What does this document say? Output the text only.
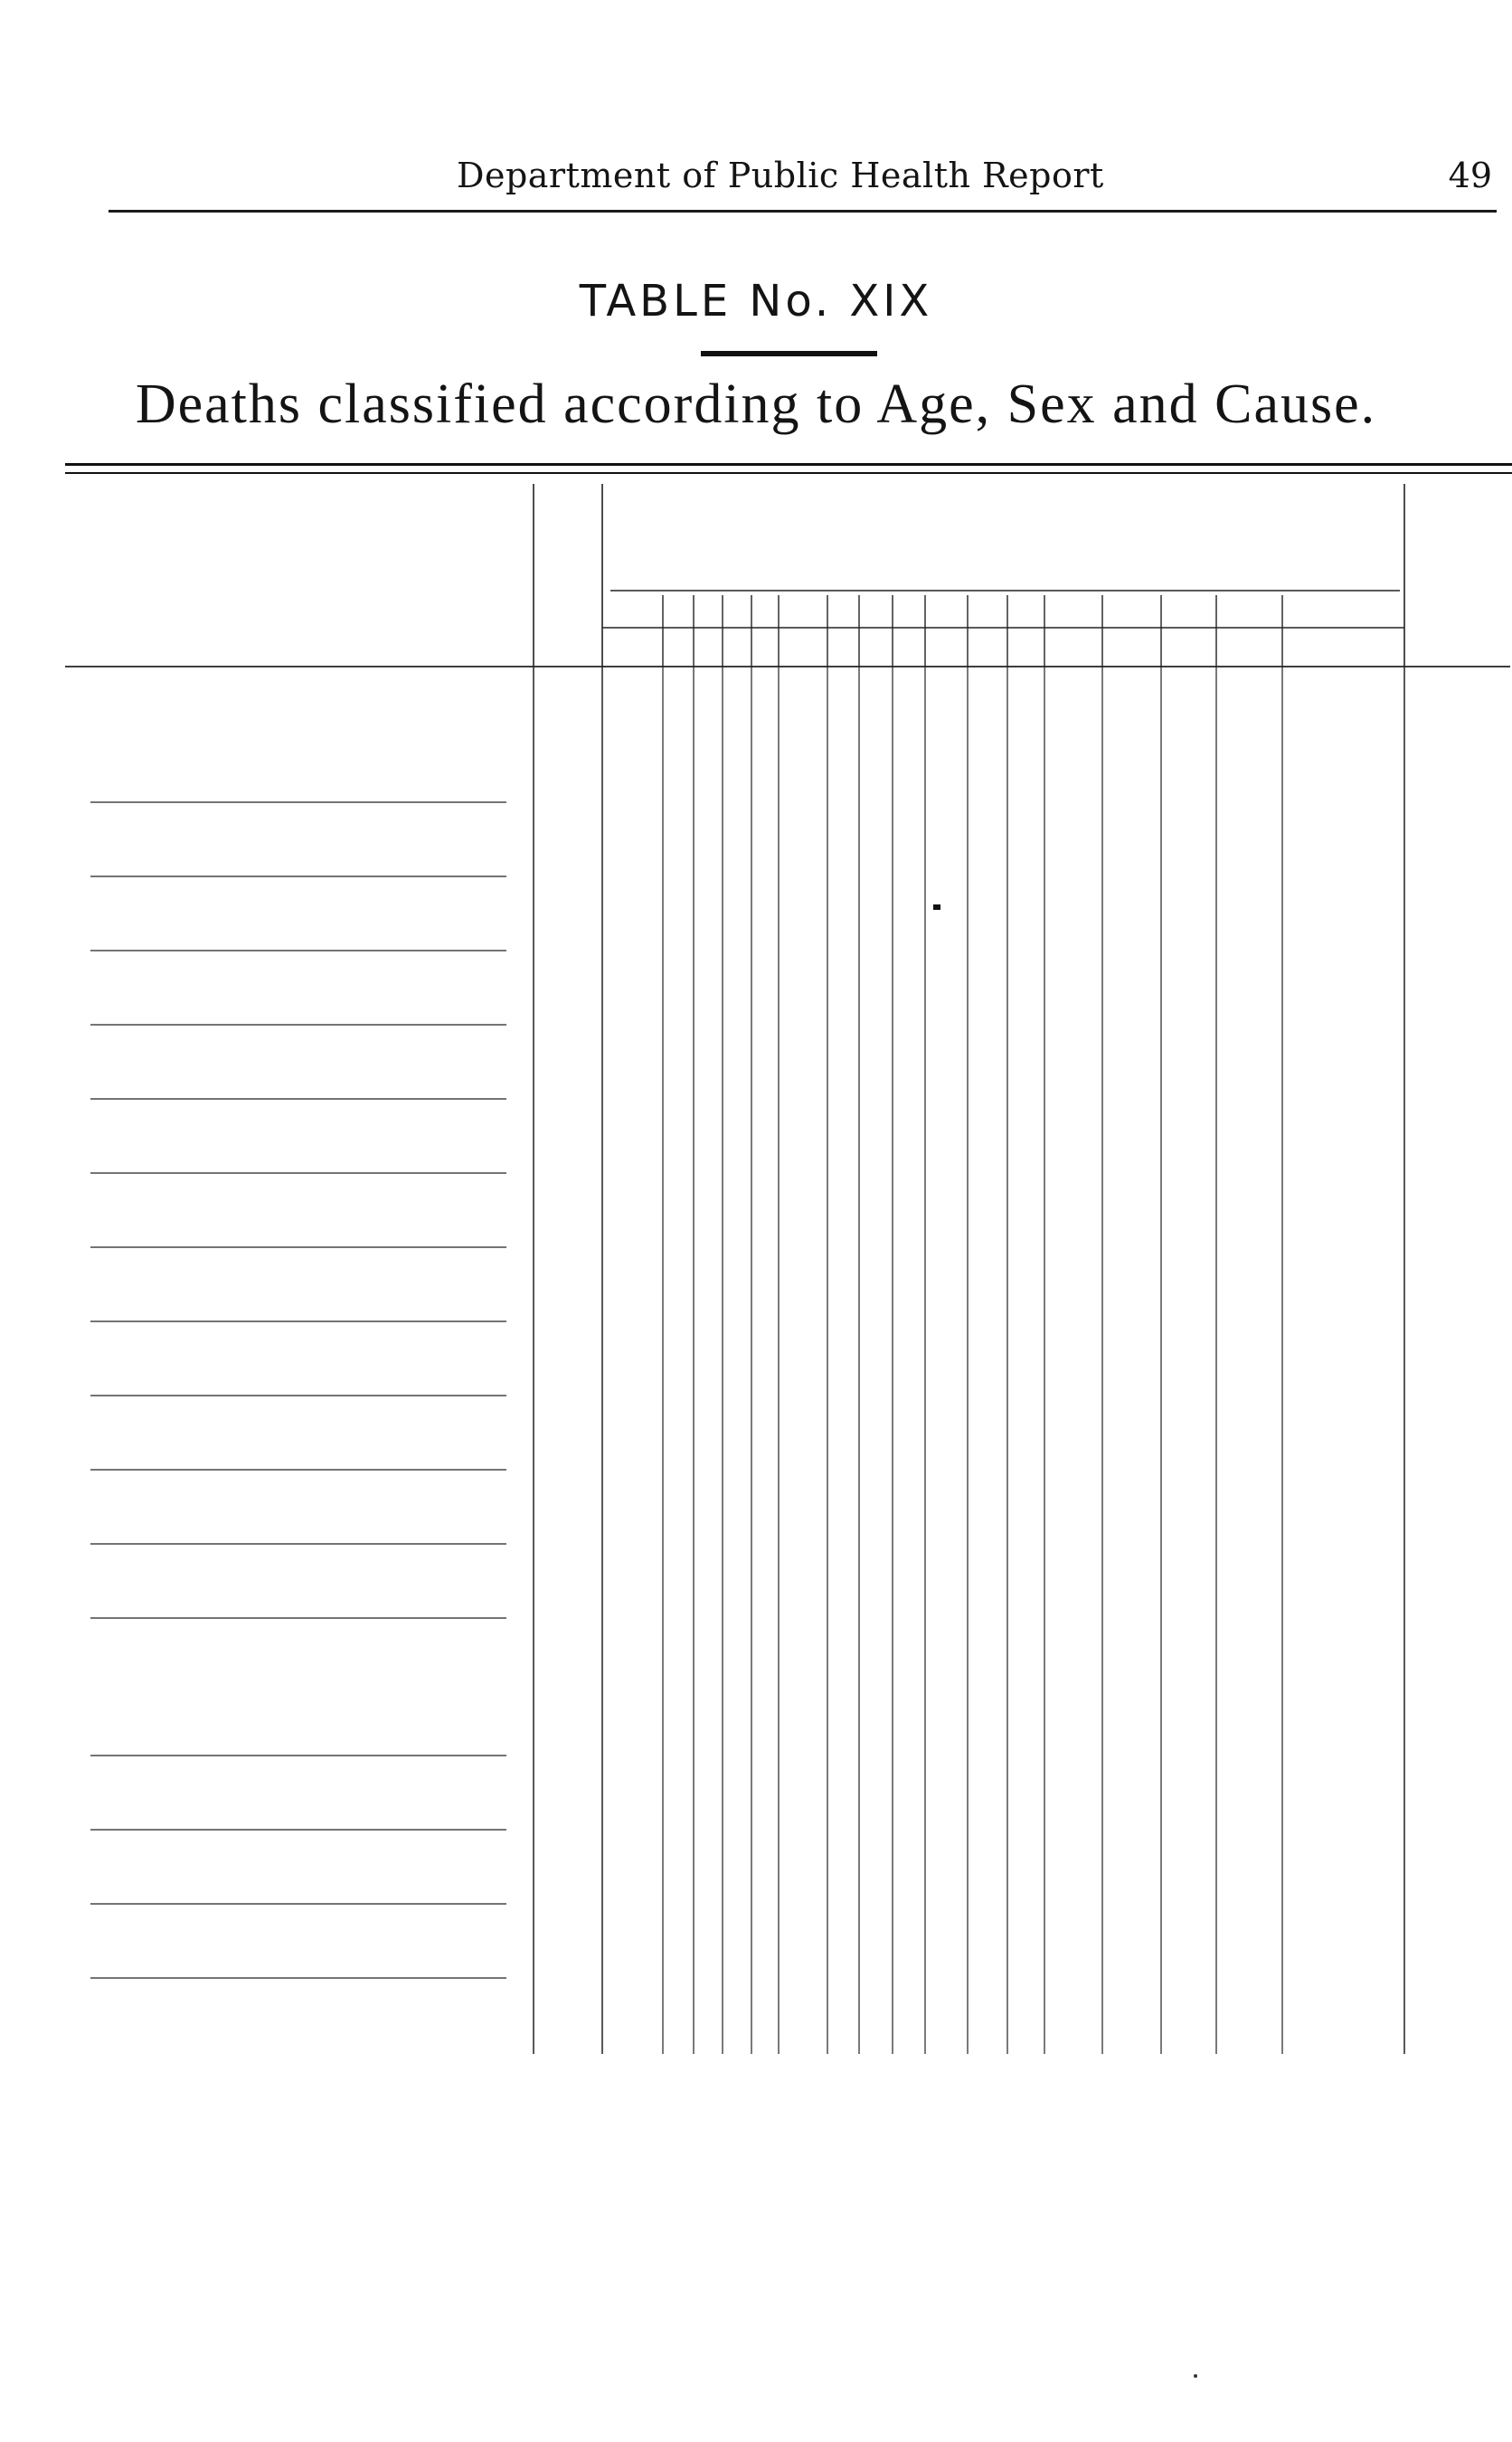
Department of Public Health Report	49
TABLE No. XIX
Deaths classified according to Age, Sex and Cause.
